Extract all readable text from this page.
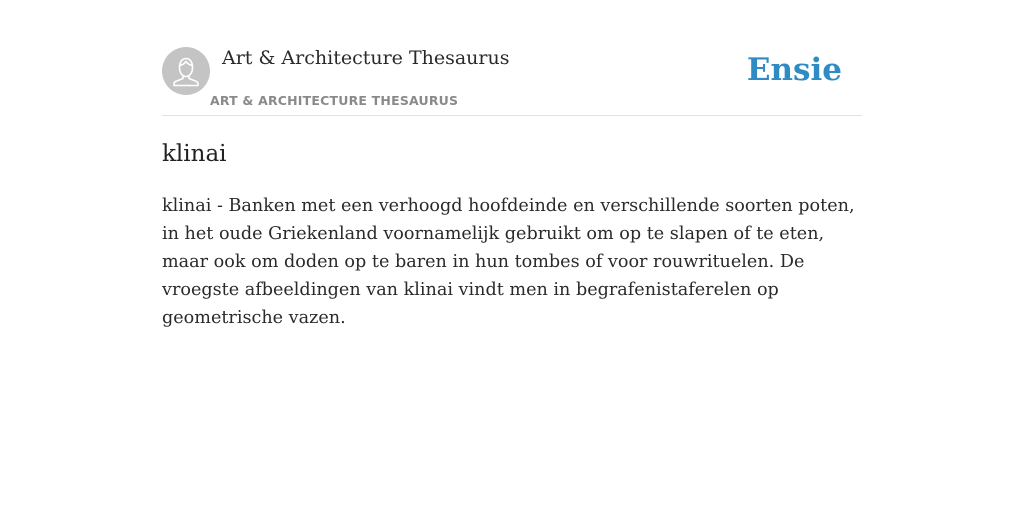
Art & Architecture Thesaurus
ART & ARCHITECTURE THESAURUS
Ensie
klinai

klinai - Banken met een verhoogd hoofdeinde en verschillende soorten poten, in het oude Griekenland voornamelijk gebruikt om op te slapen of te eten, maar ook om doden op te baren in hun tombes of voor rouwrituelen. De vroegste afbeeldingen van klinai vindt men in begrafenistaferelen op geometrische vazen.
